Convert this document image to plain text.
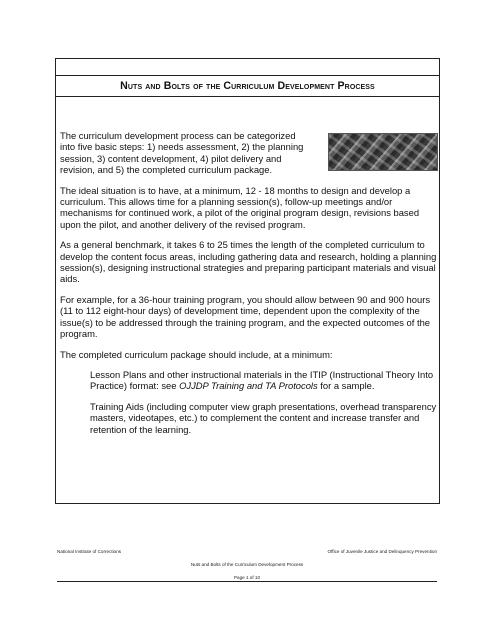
Nuts and Bolts of the Curriculum Development Process

The curriculum development process can be categorized into five basic steps: 1) needs assessment, 2) the planning session, 3) content development, 4) pilot delivery and revision, and 5) the completed curriculum package.

The ideal situation is to have, at a minimum, 12 - 18 months to design and develop a curriculum. This allows time for a planning session(s), follow-up meetings and/or mechanisms for continued work, a pilot of the original program design, revisions based upon the pilot, and another delivery of the revised program.

As a general benchmark, it takes 6 to 25 times the length of the completed curriculum to develop the content focus areas, including gathering data and research, holding a planning session(s), designing instructional strategies and preparing participant materials and visual aids.

For example, for a 36-hour training program, you should allow between 90 and 900 hours (11 to 112 eight-hour days) of development time, dependent upon the complexity of the issue(s) to be addressed through the training program, and the expected outcomes of the program.

The completed curriculum package should include, at a minimum:

Lesson Plans and other instructional materials in the ITIP (Instructional Theory Into Practice) format: see OJJDP Training and TA Protocols for a sample.

Training Aids (including computer view graph presentations, overhead transparency masters, videotapes, etc.) to complement the content and increase transfer and retention of the learning.

National Institute of Corrections	Office of Juvenile Justice and Delinquency Prevention
Nuts and Bolts of the Curriculum Development Process
Page 1 of 10
